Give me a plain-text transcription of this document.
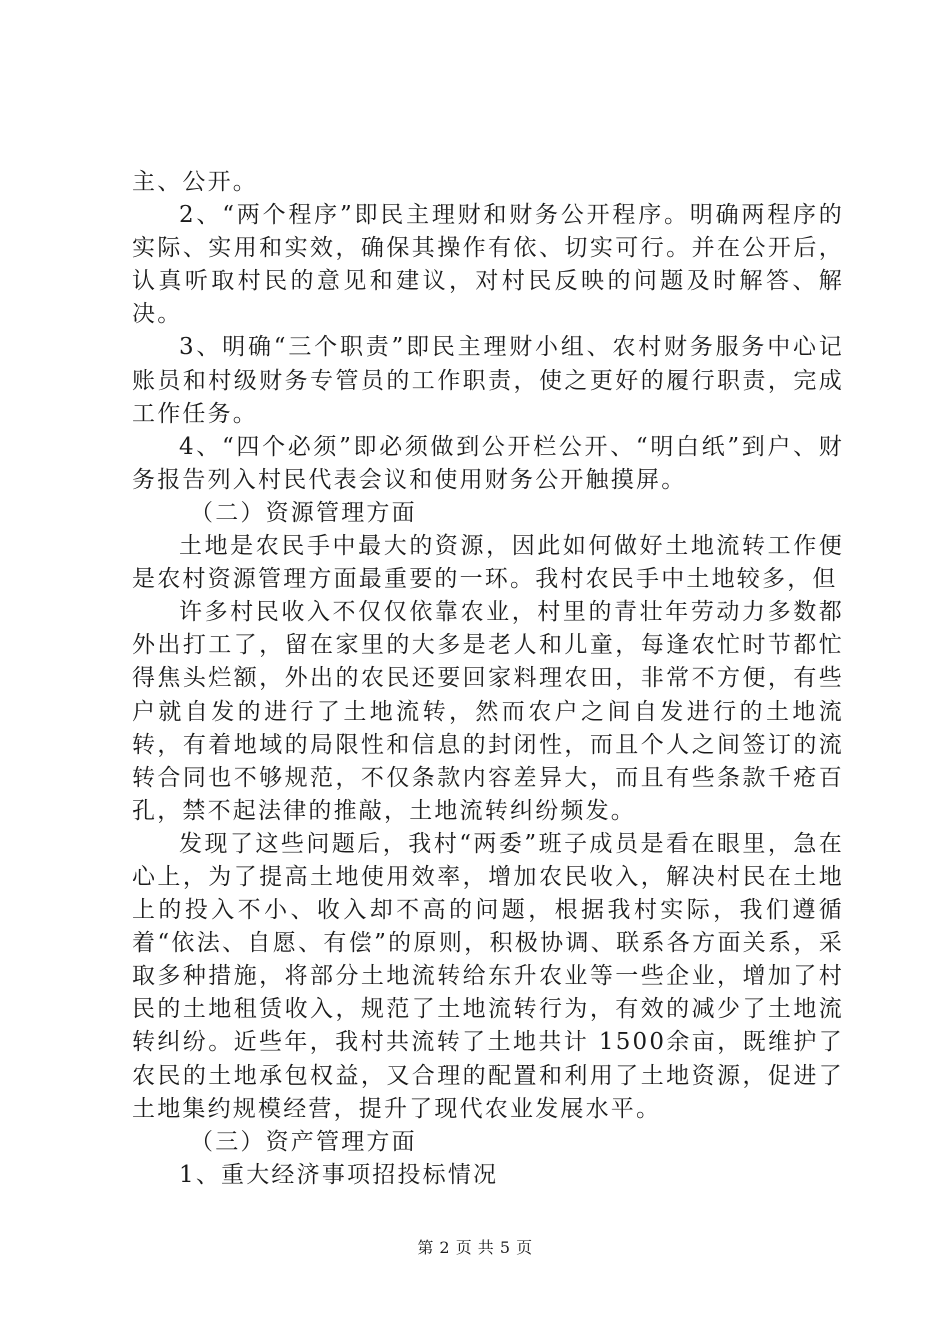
主、公开。

2、“两个程序”即民主理财和财务公开程序。明确两程序的实际、实用和实效，确保其操作有依、切实可行。并在公开后，认真听取村民的意见和建议，对村民反映的问题及时解答、解决。

3、明确“三个职责”即民主理财小组、农村财务服务中心记账员和村级财务专管员的工作职责，使之更好的履行职责，完成工作任务。

4、“四个必须”即必须做到公开栏公开、“明白纸”到户、财务报告列入村民代表会议和使用财务公开触摸屏。

（二）资源管理方面

土地是农民手中最大的资源，因此如何做好土地流转工作便是农村资源管理方面最重要的一环。我村农民手中土地较多，但

许多村民收入不仅仅依靠农业，村里的青壮年劳动力多数都外出打工了，留在家里的大多是老人和儿童，每逢农忙时节都忙得焦头烂额，外出的农民还要回家料理农田，非常不方便，有些户就自发的进行了土地流转，然而农户之间自发进行的土地流转，有着地域的局限性和信息的封闭性，而且个人之间签订的流转合同也不够规范，不仅条款内容差异大，而且有些条款千疮百孔，禁不起法律的推敲，土地流转纠纷频发。

发现了这些问题后，我村“两委”班子成员是看在眼里，急在心上，为了提高土地使用效率，增加农民收入，解决村民在土地上的投入不小、收入却不高的问题，根据我村实际，我们遵循着“依法、自愿、有偿”的原则，积极协调、联系各方面关系，采取多种措施，将部分土地流转给东升农业等一些企业，增加了村民的土地租赁收入，规范了土地流转行为，有效的减少了土地流转纠纷。近些年，我村共流转了土地共计 1500余亩，既维护了农民的土地承包权益，又合理的配置和利用了土地资源，促进了土地集约规模经营，提升了现代农业发展水平。

（三）资产管理方面

1、重大经济事项招投标情况

第 2 页 共 5 页
